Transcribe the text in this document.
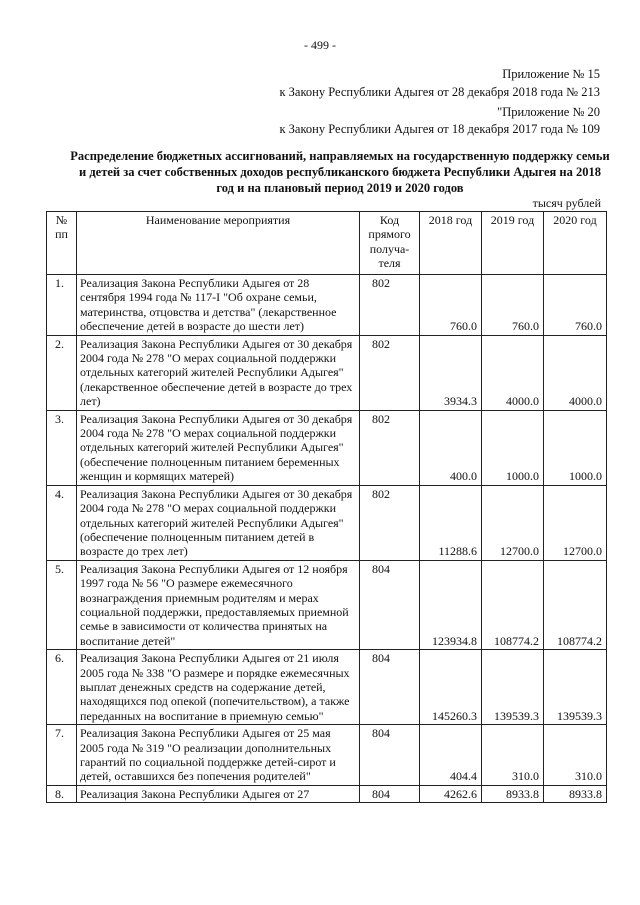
- 499 -
Приложение № 15
к Закону Республики Адыгея от 28 декабря 2018 года № 213
"Приложение № 20
к Закону Республики Адыгея от 18 декабря 2017 года № 109
Распределение бюджетных ассигнований, направляемых на государственную поддержку семьи и детей за счет собственных доходов республиканского бюджета Республики Адыгея на 2018 год и на плановый период 2019 и 2020 годов
тысяч рублей
№ пп	Наименование мероприятия	Код прямого получа-теля	2018 год	2019 год	2020 год
1.	Реализация Закона Республики Адыгея от 28 сентября 1994 года № 117-I "Об охране семьи, материнства, отцовства и детства" (лекарственное обеспечение детей в возрасте до шести лет)	802	760.0	760.0	760.0
2.	Реализация Закона Республики Адыгея от 30 декабря 2004 года № 278 "О мерах социальной поддержки отдельных категорий жителей Республики Адыгея" (лекарственное обеспечение детей в возрасте до трех лет)	802	3934.3	4000.0	4000.0
3.	Реализация Закона Республики Адыгея от 30 декабря 2004 года № 278 "О мерах социальной поддержки отдельных категорий жителей Республики Адыгея" (обеспечение полноценным питанием беременных женщин и кормящих матерей)	802	400.0	1000.0	1000.0
4.	Реализация Закона Республики Адыгея от 30 декабря 2004 года № 278 "О мерах социальной поддержки отдельных категорий жителей Республики Адыгея" (обеспечение полноценным питанием детей в возрасте до трех лет)	802	11288.6	12700.0	12700.0
5.	Реализация Закона Республики Адыгея от 12 ноября 1997 года № 56 "О размере ежемесячного вознаграждения приемным родителям и мерах социальной поддержки, предоставляемых приемной семье в зависимости от количества принятых на воспитание детей"	804	123934.8	108774.2	108774.2
6.	Реализация Закона Республики Адыгея от 21 июля 2005 года № 338 "О размере и порядке ежемесячных выплат денежных средств на содержание детей, находящихся под опекой (попечительством), а также переданных на воспитание в приемную семью"	804	145260.3	139539.3	139539.3
7.	Реализация Закона Республики Адыгея от 25 мая 2005 года № 319 "О реализации дополнительных гарантий по социальной поддержке детей-сирот и детей, оставшихся без попечения родителей"	804	404.4	310.0	310.0
8.	Реализация Закона Республики Адыгея от 27	804	4262.6	8933.8	8933.8
